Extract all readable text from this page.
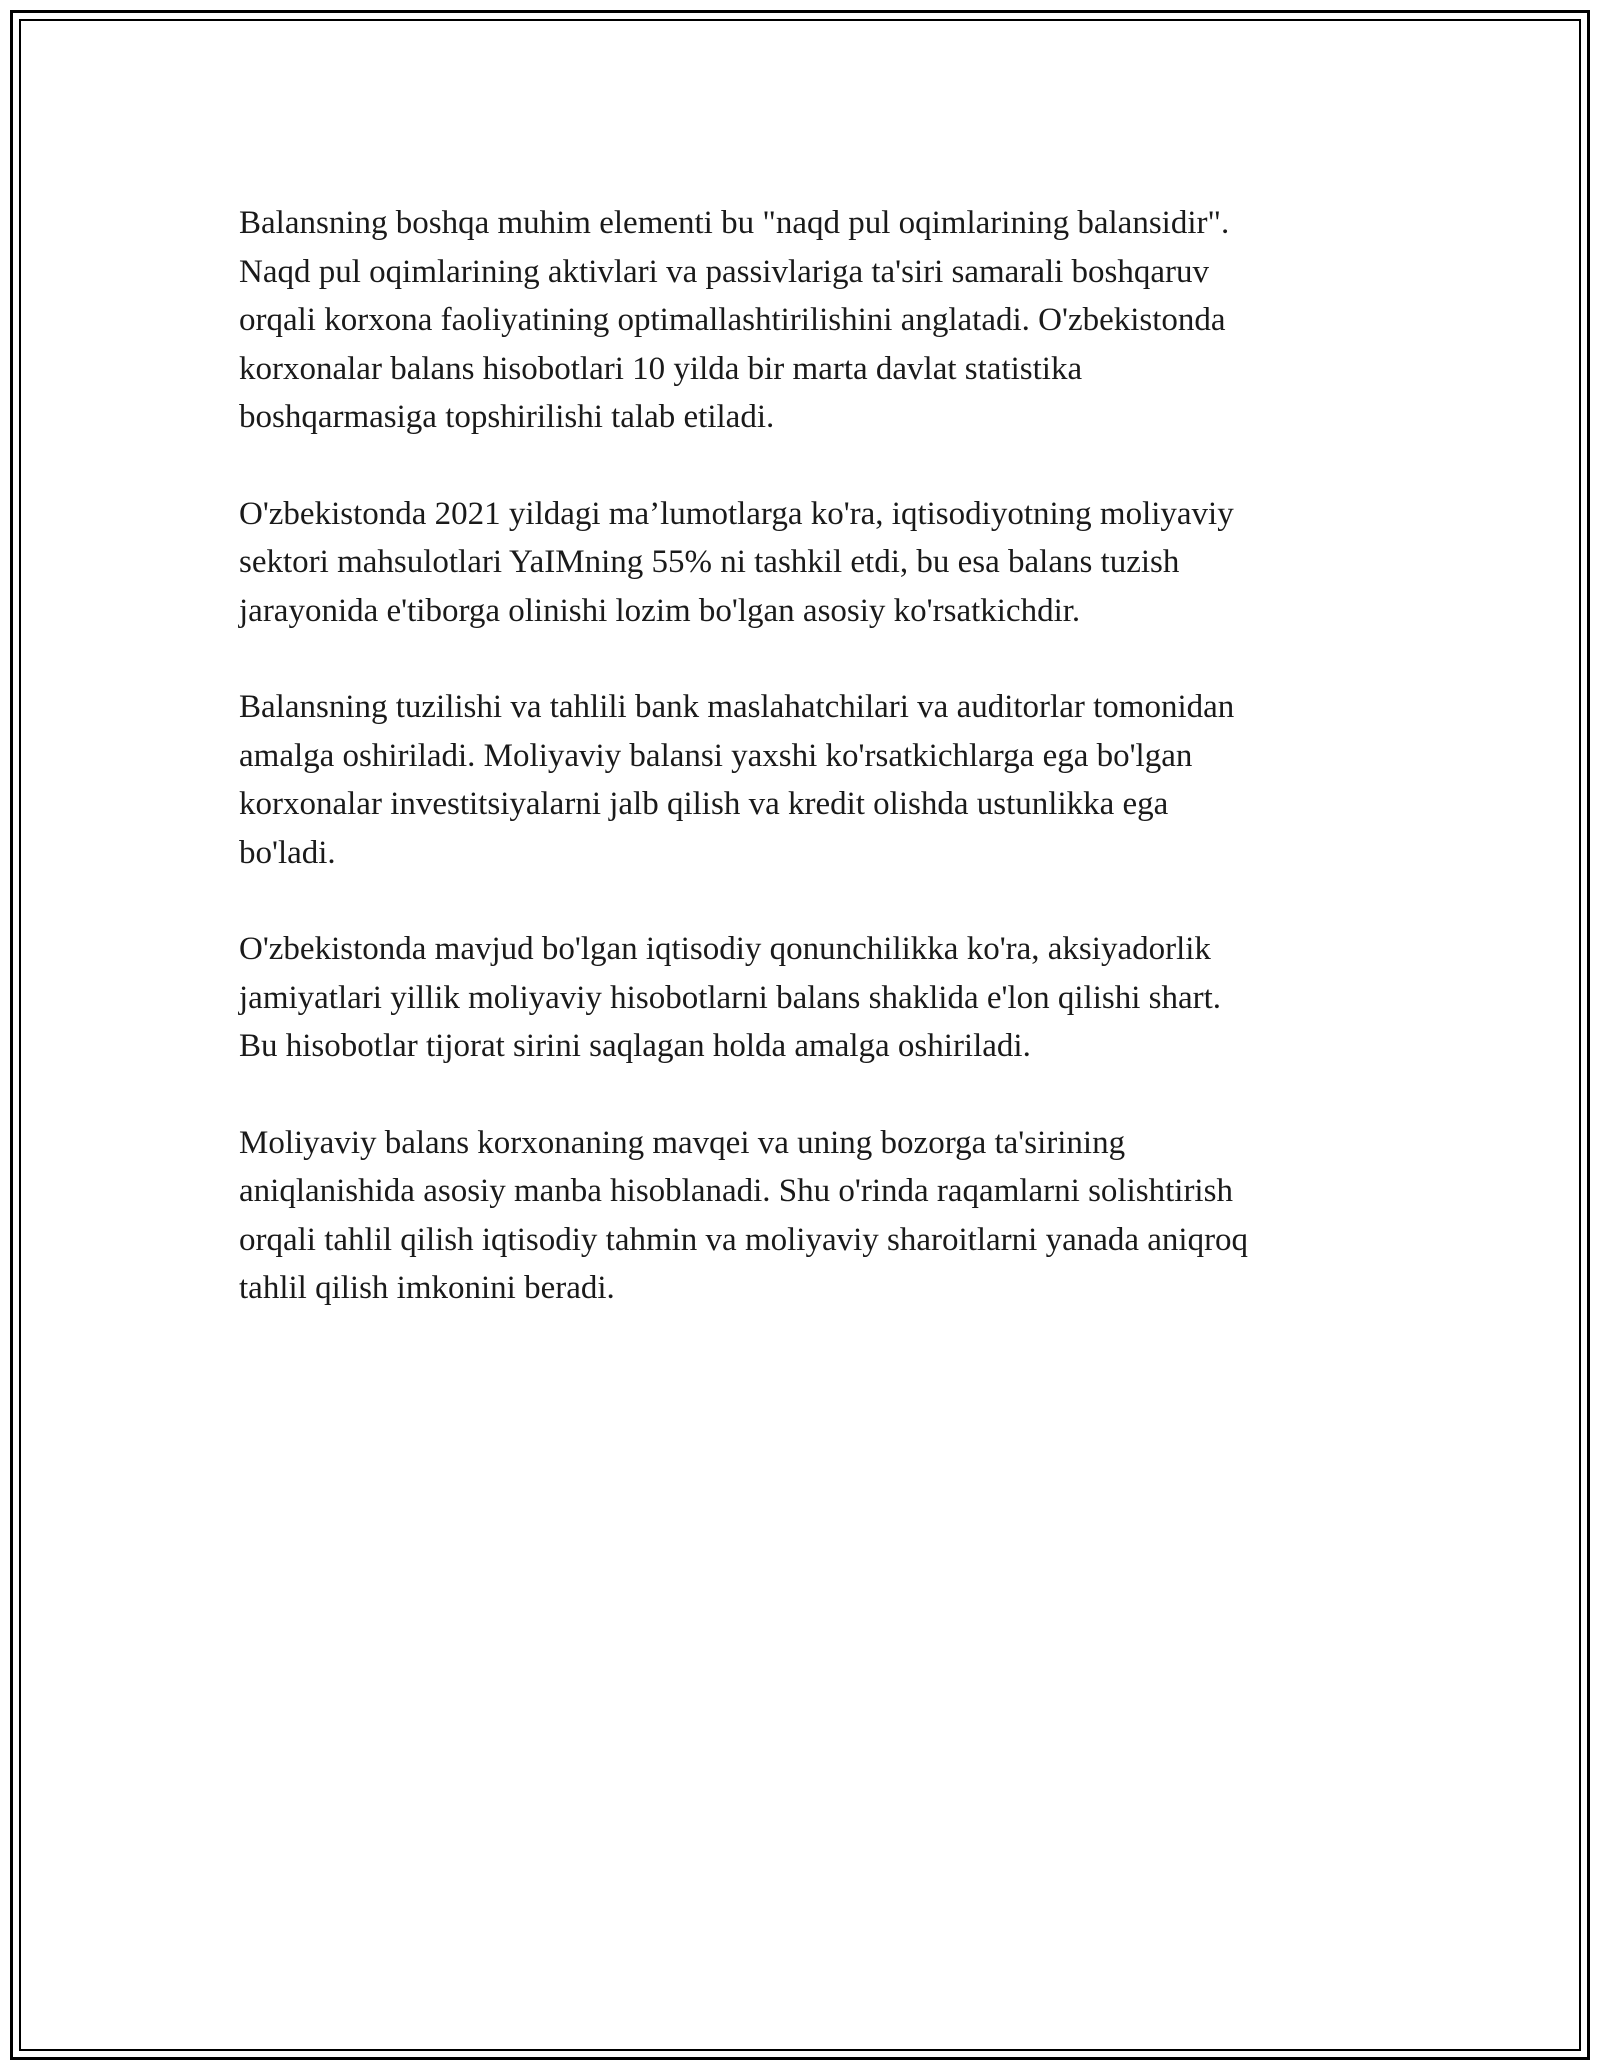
Balansning boshqa muhim elementi bu "naqd pul oqimlarining balansidir".
Naqd pul oqimlarining aktivlari va passivlariga ta'siri samarali boshqaruv
orqali korxona faoliyatining optimallashtirilishini anglatadi. O'zbekistonda
korxonalar balans hisobotlari 10 yilda bir marta davlat statistika
boshqarmasiga topshirilishi talab etiladi.

O'zbekistonda 2021 yildagi ma’lumotlarga ko'ra, iqtisodiyotning moliyaviy
sektori mahsulotlari YaIMning 55% ni tashkil etdi, bu esa balans tuzish
jarayonida e'tiborga olinishi lozim bo'lgan asosiy ko'rsatkichdir.

Balansning tuzilishi va tahlili bank maslahatchilari va auditorlar tomonidan
amalga oshiriladi. Moliyaviy balansi yaxshi ko'rsatkichlarga ega bo'lgan
korxonalar investitsiyalarni jalb qilish va kredit olishda ustunlikka ega
bo'ladi.

O'zbekistonda mavjud bo'lgan iqtisodiy qonunchilikka ko'ra, aksiyadorlik
jamiyatlari yillik moliyaviy hisobotlarni balans shaklida e'lon qilishi shart.
Bu hisobotlar tijorat sirini saqlagan holda amalga oshiriladi.

Moliyaviy balans korxonaning mavqei va uning bozorga ta'sirining
aniqlanishida asosiy manba hisoblanadi. Shu o'rinda raqamlarni solishtirish
orqali tahlil qilish iqtisodiy tahmin va moliyaviy sharoitlarni yanada aniqroq
tahlil qilish imkonini beradi.
